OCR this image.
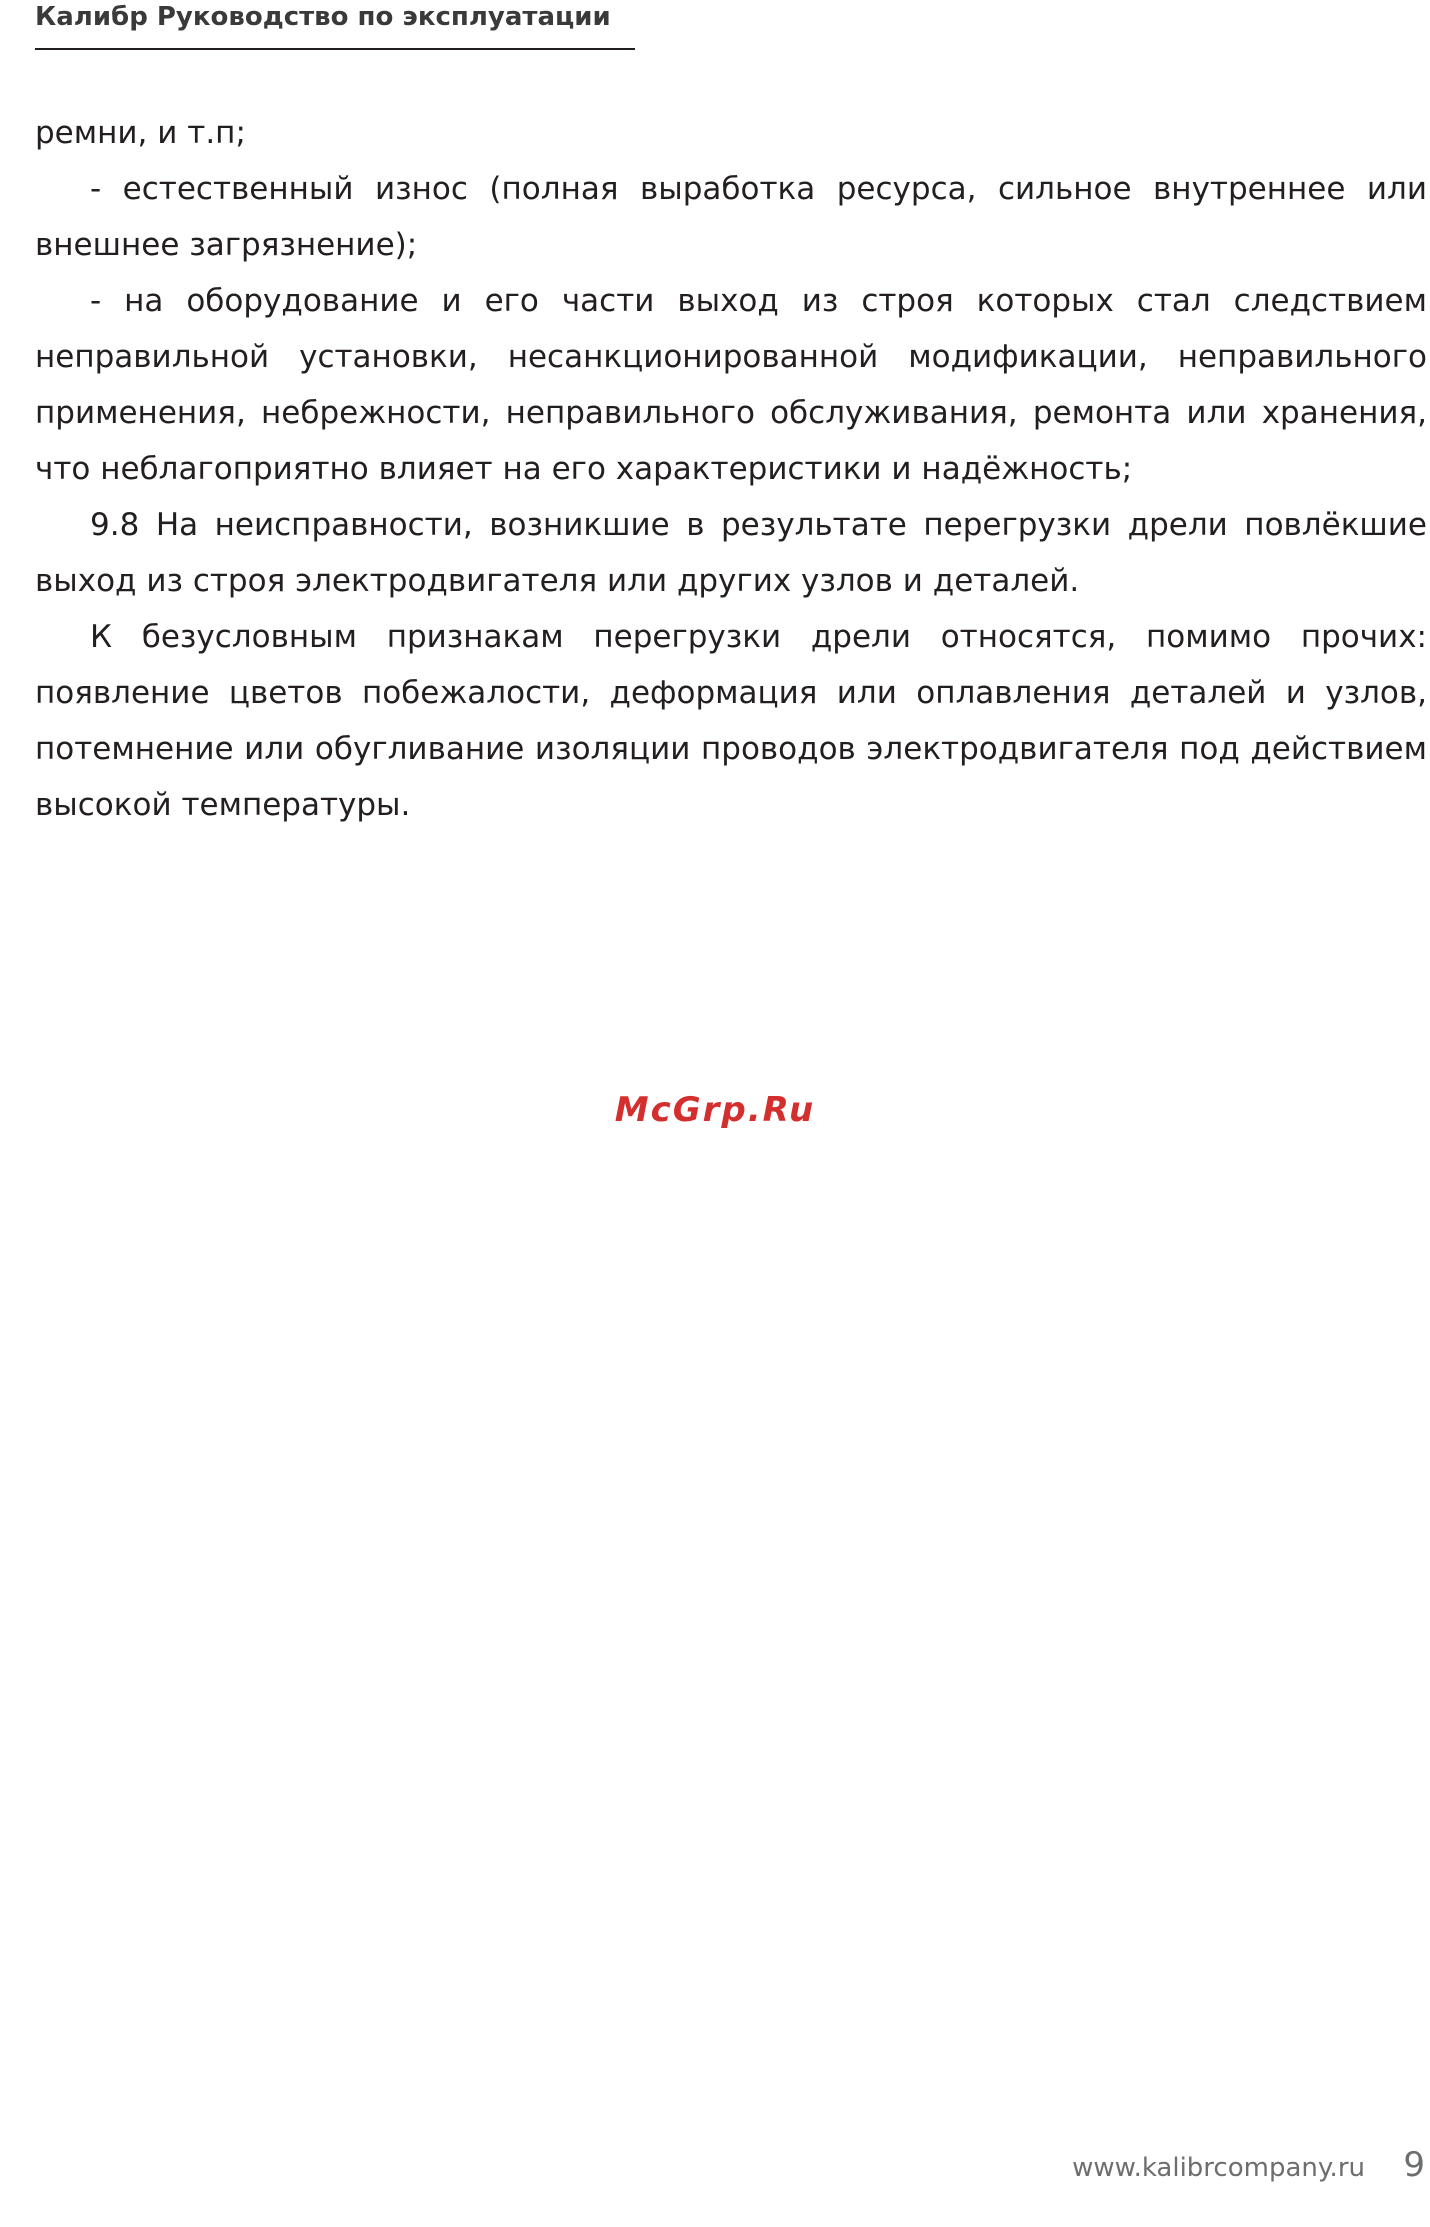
Калибр Руководство по эксплуатации

ремни, и т.п;

- естественный износ (полная выработка ресурса, сильное внутреннее или внешнее загрязнение);

- на оборудование и его части выход из строя которых стал следствием неправильной установки, несанкционированной модификации, неправильного применения, небрежности, неправильного обслуживания, ремонта или хранения, что неблагоприятно влияет на его характеристики и надёжность;

9.8 На неисправности, возникшие в результате перегрузки дрели повлёкшие выход из строя электродвигателя или других узлов и деталей.

К безусловным признакам перегрузки дрели относятся, помимо прочих: появление цветов побежалости, деформация или оплавления деталей и узлов, потемнение или обугливание изоляции проводов электродвигателя под действием высокой температуры.

McGrp.Ru
www.kalibrcompany.ru 9
